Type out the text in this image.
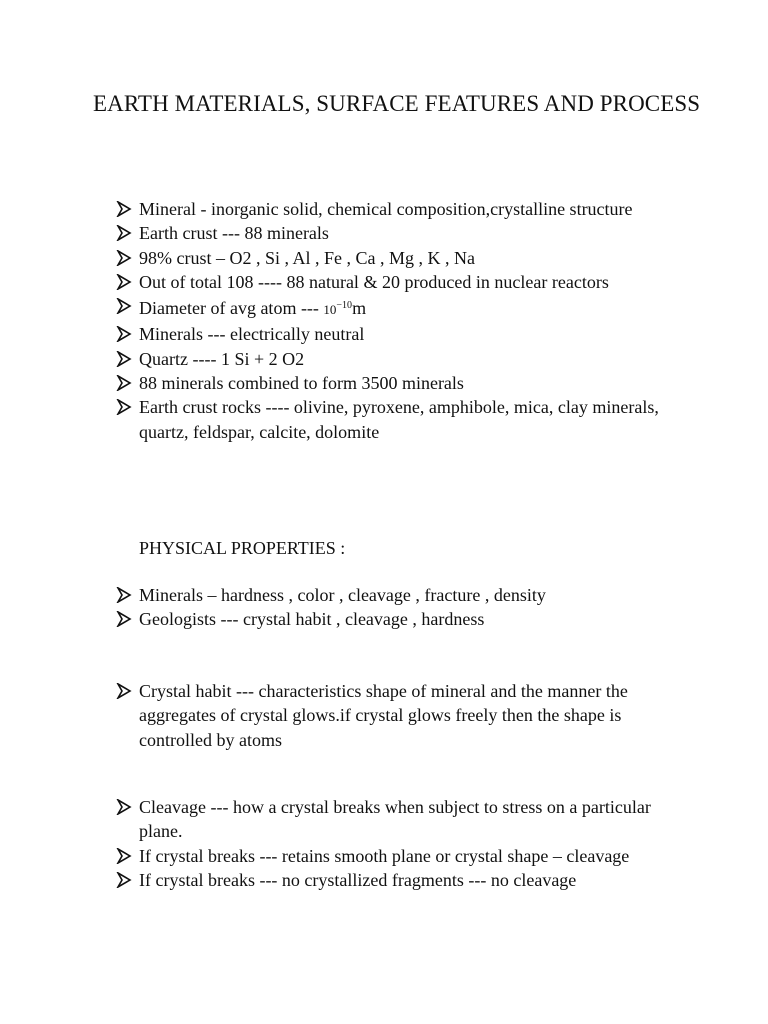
EARTH MATERIALS, SURFACE FEATURES AND PROCESS
Mineral - inorganic solid, chemical composition,crystalline structure
Earth crust --- 88 minerals
98% crust – O2 , Si , Al , Fe , Ca , Mg , K , Na
Out of total 108 ---- 88 natural & 20 produced in nuclear reactors
Diameter of avg atom --- $10^{-10}m$
Minerals --- electrically neutral
Quartz ---- 1 Si + 2 O2
88 minerals combined to form 3500 minerals
Earth crust rocks ---- olivine, pyroxene, amphibole, mica, clay minerals, quartz, feldspar, calcite, dolomite
PHYSICAL PROPERTIES :
Minerals – hardness , color , cleavage , fracture , density
Geologists --- crystal habit , cleavage , hardness
Crystal habit --- characteristics shape of mineral and the manner the aggregates of crystal glows.if crystal glows freely then the shape is controlled by atoms
Cleavage --- how a crystal breaks when subject to stress on a particular plane.
If crystal breaks --- retains smooth plane or crystal shape – cleavage
If crystal breaks --- no crystallized fragments --- no cleavage
